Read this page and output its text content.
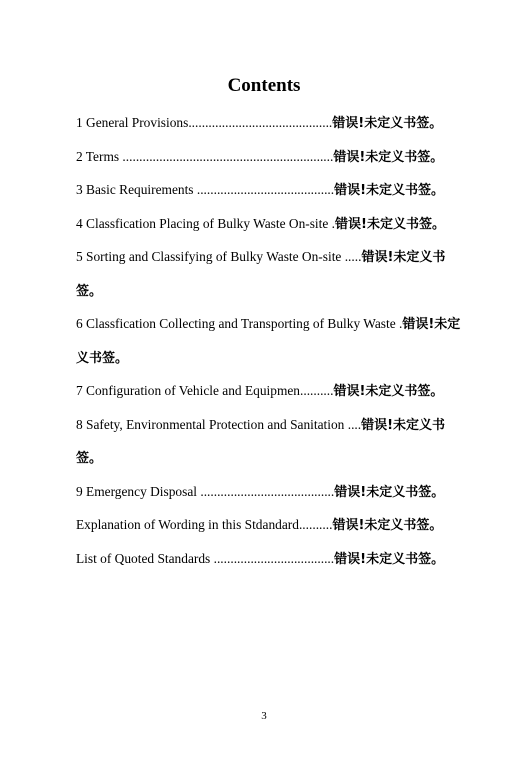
Contents
1 General Provisions...........................................错误!未定义书签。
2 Terms ...............................................................错误!未定义书签。
3 Basic Requirements .........................................错误!未定义书签。
4 Classfication Placing of Bulky Waste On-site .错误!未定义书签。
5 Sorting and Classifying of Bulky Waste On-site .....错误!未定义书签。
6 Classfication Collecting and Transporting of Bulky Waste .错误!未定义书签。
7 Configuration of Vehicle and Equipmen..........错误!未定义书签。
8 Safety, Environmental Protection and Sanitation ....错误!未定义书签。
9 Emergency Disposal ........................................错误!未定义书签。
Explanation of Wording in this Stdandard..........错误!未定义书签。
List of Quoted Standards ....................................错误!未定义书签。
3
